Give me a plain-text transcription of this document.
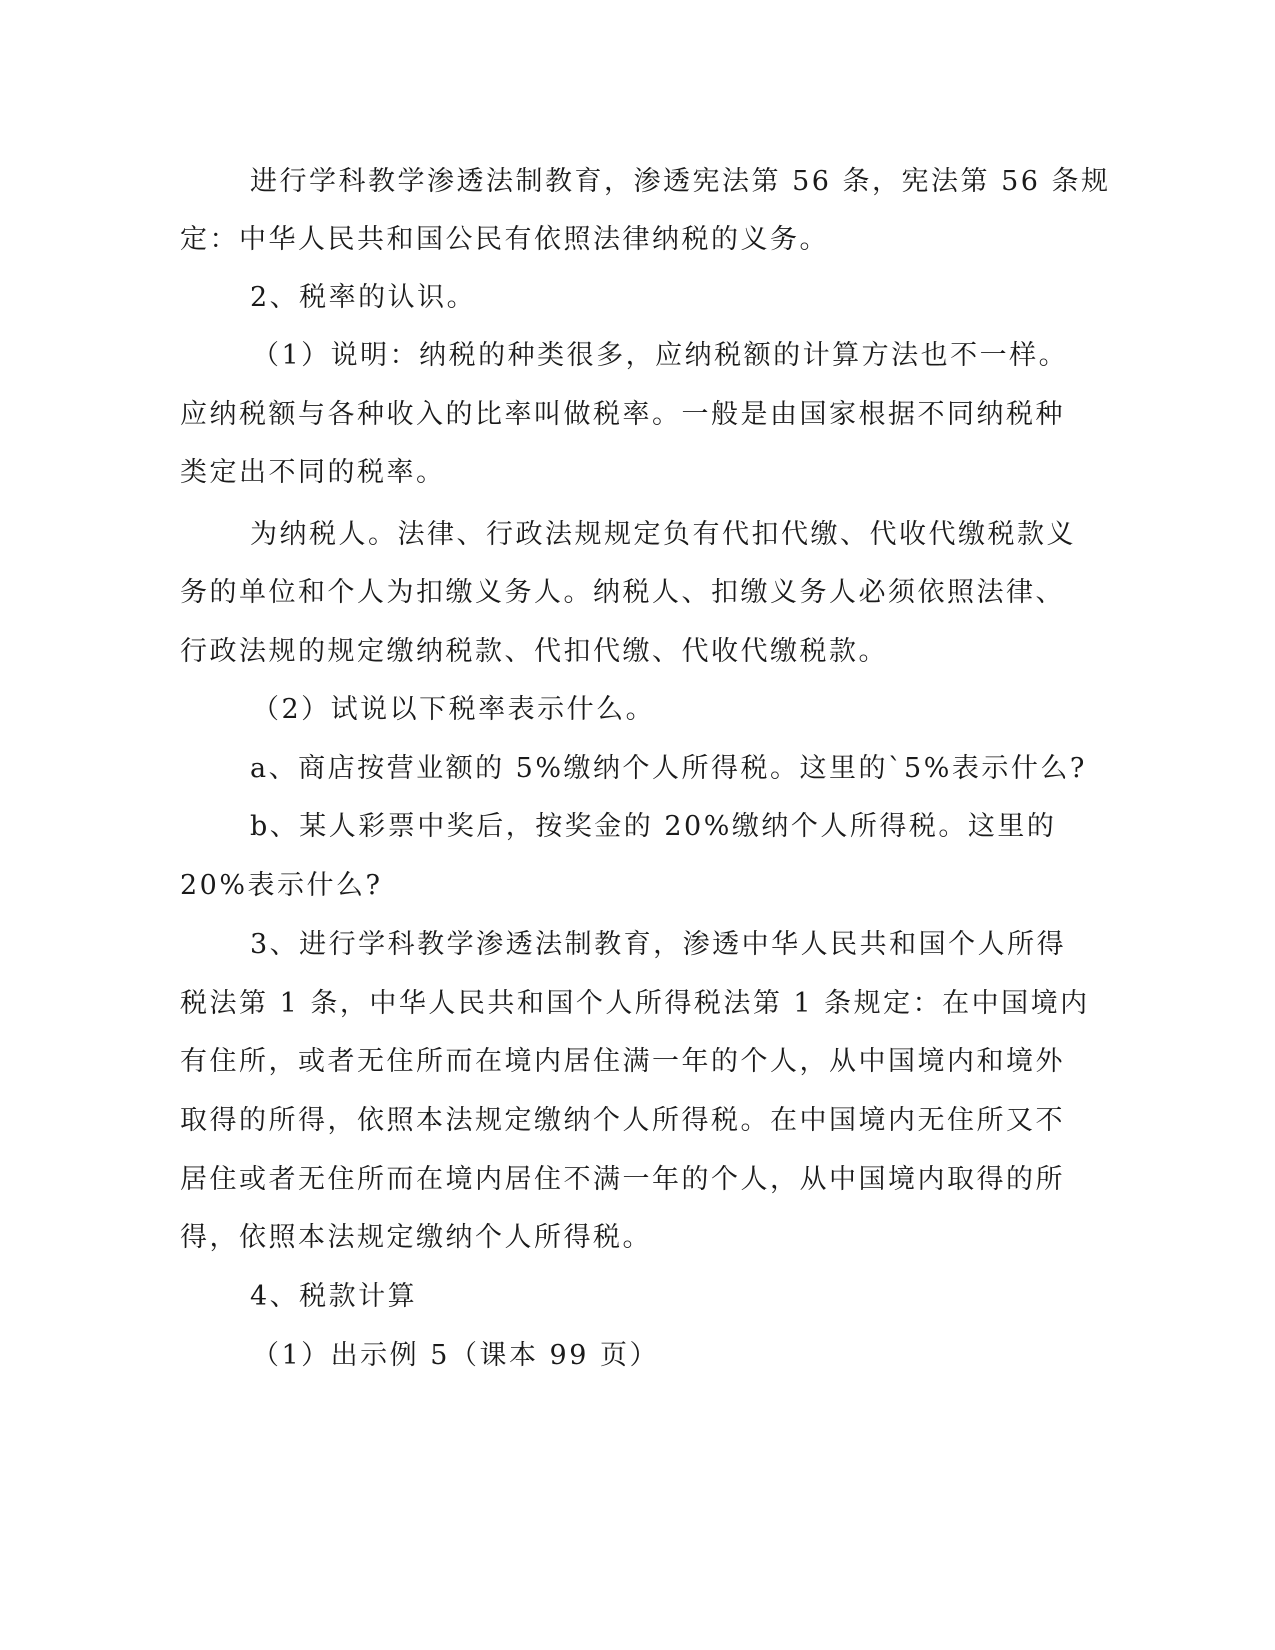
进行学科教学渗透法制教育，渗透宪法第 56 条，宪法第 56 条规
定：中华人民共和国公民有依照法律纳税的义务。
2、税率的认识。
（1）说明：纳税的种类很多，应纳税额的计算方法也不一样。
应纳税额与各种收入的比率叫做税率。一般是由国家根据不同纳税种
类定出不同的税率。
为纳税人。法律、行政法规规定负有代扣代缴、代收代缴税款义
务的单位和个人为扣缴义务人。纳税人、扣缴义务人必须依照法律、
行政法规的规定缴纳税款、代扣代缴、代收代缴税款。
（2）试说以下税率表示什么。
a、商店按营业额的 5%缴纳个人所得税。这里的`5%表示什么?
b、某人彩票中奖后，按奖金的 20%缴纳个人所得税。这里的
20%表示什么?
3、进行学科教学渗透法制教育，渗透中华人民共和国个人所得
税法第 1 条，中华人民共和国个人所得税法第 1 条规定：在中国境内
有住所，或者无住所而在境内居住满一年的个人，从中国境内和境外
取得的所得，依照本法规定缴纳个人所得税。在中国境内无住所又不
居住或者无住所而在境内居住不满一年的个人，从中国境内取得的所
得，依照本法规定缴纳个人所得税。
4、税款计算
（1）出示例 5（课本 99 页）
